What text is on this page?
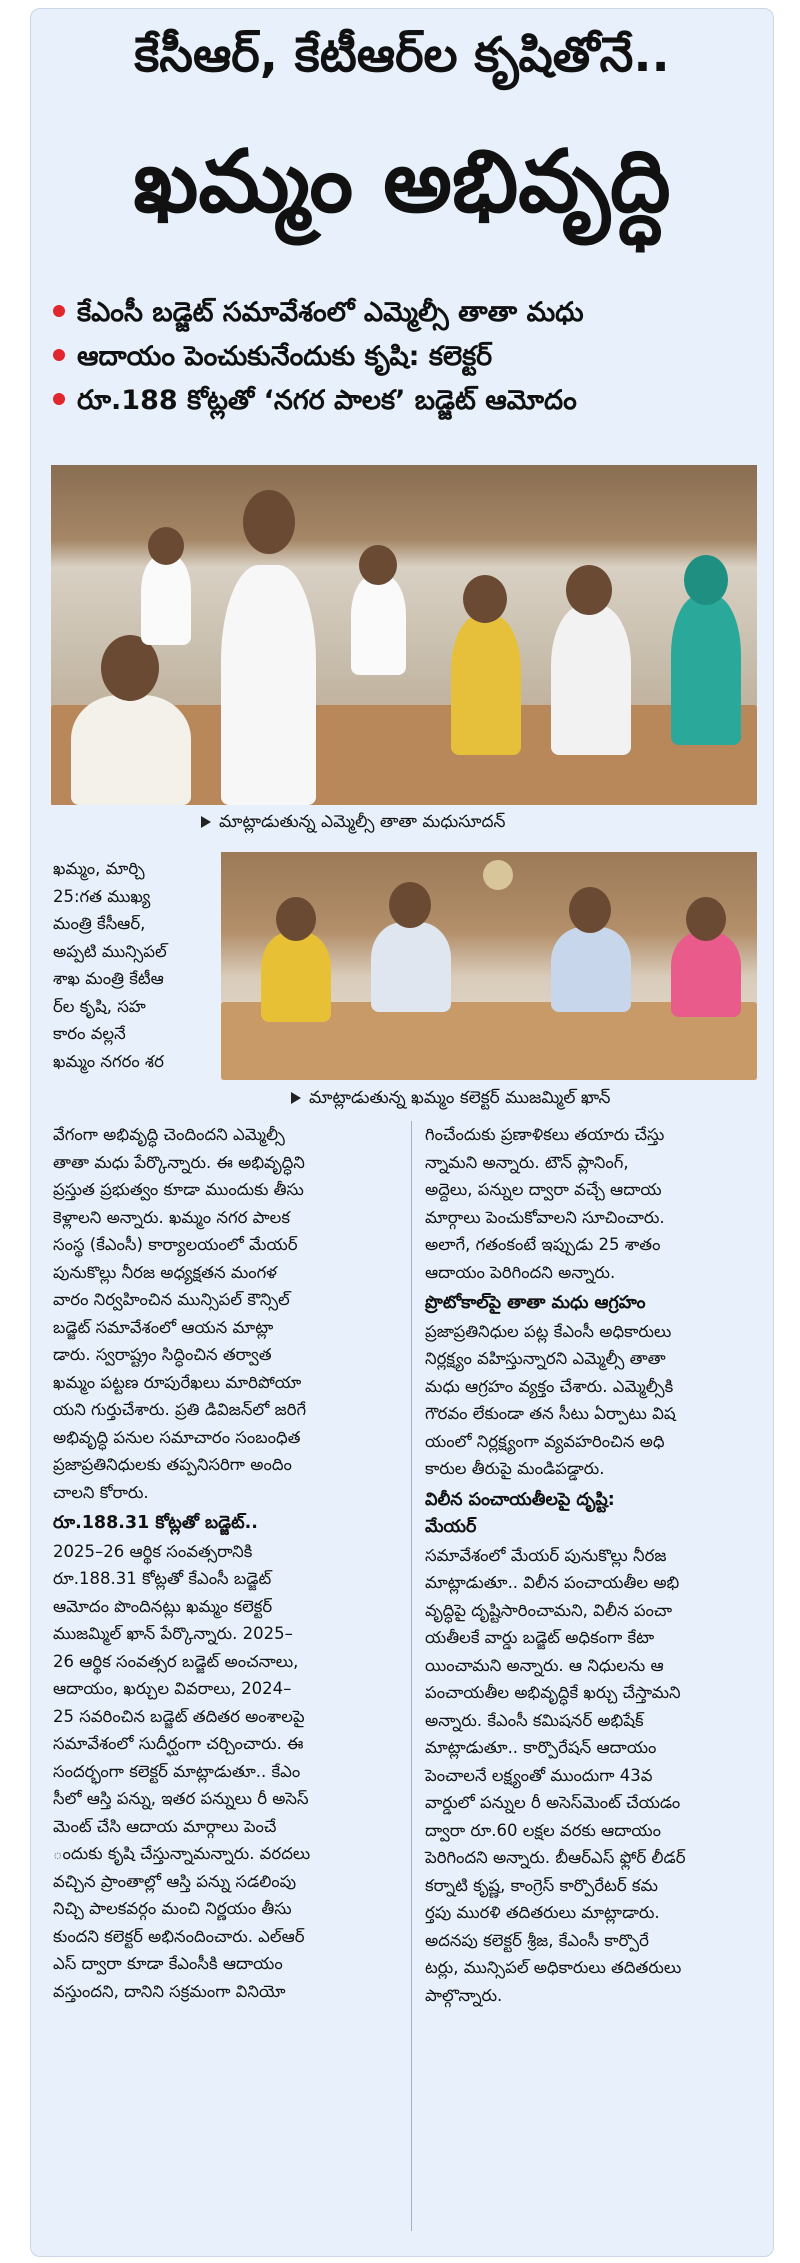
కేసీఆర్, కేటీఆర్‌ల కృషితోనే..
ఖమ్మం అభివృద్ధి
కేఎంసీ బడ్జెట్ సమావేశంలో ఎమ్మెల్సీ తాతా మధు
ఆదాయం పెంచుకునేందుకు కృషి: కలెక్టర్
రూ.188 కోట్లతో ‘నగర పాలక’ బడ్జెట్ ఆమోదం
మాట్లాడుతున్న ఎమ్మెల్సీ తాతా మధుసూదన్
మాట్లాడుతున్న ఖమ్మం కలెక్టర్ ముజమ్మిల్ ఖాన్

ఖమ్మం, మార్చి
25:గత ముఖ్య
మంత్రి కేసీఆర్,
అప్పటి మున్సిపల్
శాఖ మంత్రి కేటీఆ
ర్‌ల కృషి, సహ
కారం వల్లనే
ఖమ్మం నగరం శర

వేగంగా అభివృద్ధి చెందిందని ఎమ్మెల్సీ
తాతా మధు పేర్కొన్నారు. ఈ అభివృద్ధిని
ప్రస్తుత ప్రభుత్వం కూడా ముందుకు తీసు
కెళ్లాలని అన్నారు. ఖమ్మం నగర పాలక
సంస్థ (కేఎంసీ) కార్యాలయంలో మేయర్
పునుకొల్లు నీరజ అధ్యక్షతన మంగళ
వారం నిర్వహించిన మున్సిపల్ కౌన్సిల్
బడ్జెట్ సమావేశంలో ఆయన మాట్లా
డారు. స్వరాష్ట్రం సిద్ధించిన తర్వాత
ఖమ్మం పట్టణ రూపురేఖలు మారిపోయా
యని గుర్తుచేశారు. ప్రతి డివిజన్‌లో జరిగే
అభివృద్ధి పనుల సమాచారం సంబంధిత
ప్రజాప్రతినిధులకు తప్పనిసరిగా అందిం
చాలని కోరారు.

రూ.188.31 కోట్లతో బడ్జెట్..

2025–26 ఆర్థిక సంవత్సరానికి
రూ.188.31 కోట్లతో కేఎంసీ బడ్జెట్
ఆమోదం పొందినట్లు ఖమ్మం కలెక్టర్
ముజమ్మిల్ ఖాన్ పేర్కొన్నారు. 2025–
26 ఆర్థిక సంవత్సర బడ్జెట్ అంచనాలు,
ఆదాయం, ఖర్చుల వివరాలు, 2024–
25 సవరించిన బడ్జెట్ తదితర అంశాలపై
సమావేశంలో సుదీర్ఘంగా చర్చించారు. ఈ
సందర్భంగా కలెక్టర్ మాట్లాడుతూ.. కేఎం
సీలో ఆస్తి పన్ను, ఇతర పన్నులు రీ అసెస్
మెంట్ చేసి ఆదాయ మార్గాలు పెంచే
ందుకు కృషి చేస్తున్నామన్నారు. వరదలు
వచ్చిన ప్రాంతాల్లో ఆస్తి పన్ను సడలింపు
నిచ్చి పాలకవర్గం మంచి నిర్ణయం తీసు
కుందని కలెక్టర్ అభినందించారు. ఎల్ఆర్
ఎస్ ద్వారా కూడా కేఎంసీకి ఆదాయం
వస్తుందని, దానిని సక్రమంగా వినియో

గించేందుకు ప్రణాళికలు తయారు చేస్తు
న్నామని అన్నారు. టౌన్ ప్లానింగ్,
అద్దెలు, పన్నుల ద్వారా వచ్చే ఆదాయ
మార్గాలు పెంచుకోవాలని సూచించారు.
అలాగే, గతంకంటే ఇప్పుడు 25 శాతం
ఆదాయం పెరిగిందని అన్నారు.

ప్రొటోకాల్‌పై తాతా మధు ఆగ్రహం

ప్రజాప్రతినిధుల పట్ల కేఎంసీ అధికారులు
నిర్లక్ష్యం వహిస్తున్నారని ఎమ్మెల్సీ తాతా
మధు ఆగ్రహం వ్యక్తం చేశారు. ఎమ్మెల్సీకి
గౌరవం లేకుండా తన సీటు ఏర్పాటు విష
యంలో నిర్లక్ష్యంగా వ్యవహరించిన అధి
కారుల తీరుపై మండిపడ్డారు.

విలీన పంచాయతీలపై దృష్టి:
మేయర్

సమావేశంలో మేయర్ పునుకొల్లు నీరజ
మాట్లాడుతూ.. విలీన పంచాయతీల అభి
వృద్ధిపై దృష్టిసారించామని, విలీన పంచా
యతీలకే వార్డు బడ్జెట్ అధికంగా కేటా
యించామని అన్నారు. ఆ నిధులను ఆ
పంచాయతీల అభివృద్ధికే ఖర్చు చేస్తామని
అన్నారు. కేఎంసీ కమిషనర్ అభిషేక్
మాట్లాడుతూ.. కార్పొరేషన్ ఆదాయం
పెంచాలనే లక్ష్యంతో ముందుగా 43వ
వార్డులో పన్నుల రీ అసెస్‌మెంట్ చేయడం
ద్వారా రూ.60 లక్షల వరకు ఆదాయం
పెరిగిందని అన్నారు. బీఆర్ఎస్ ఫ్లోర్ లీడర్
కర్నాటి కృష్ణ, కాంగ్రెస్ కార్పొరేటర్ కమ
ర్తపు మురళి తదితరులు మాట్లాడారు.
అదనపు కలెక్టర్ శ్రీజ, కేఎంసీ కార్పొరే
టర్లు, మున్సిపల్ అధికారులు తదితరులు
పాల్గొన్నారు.
